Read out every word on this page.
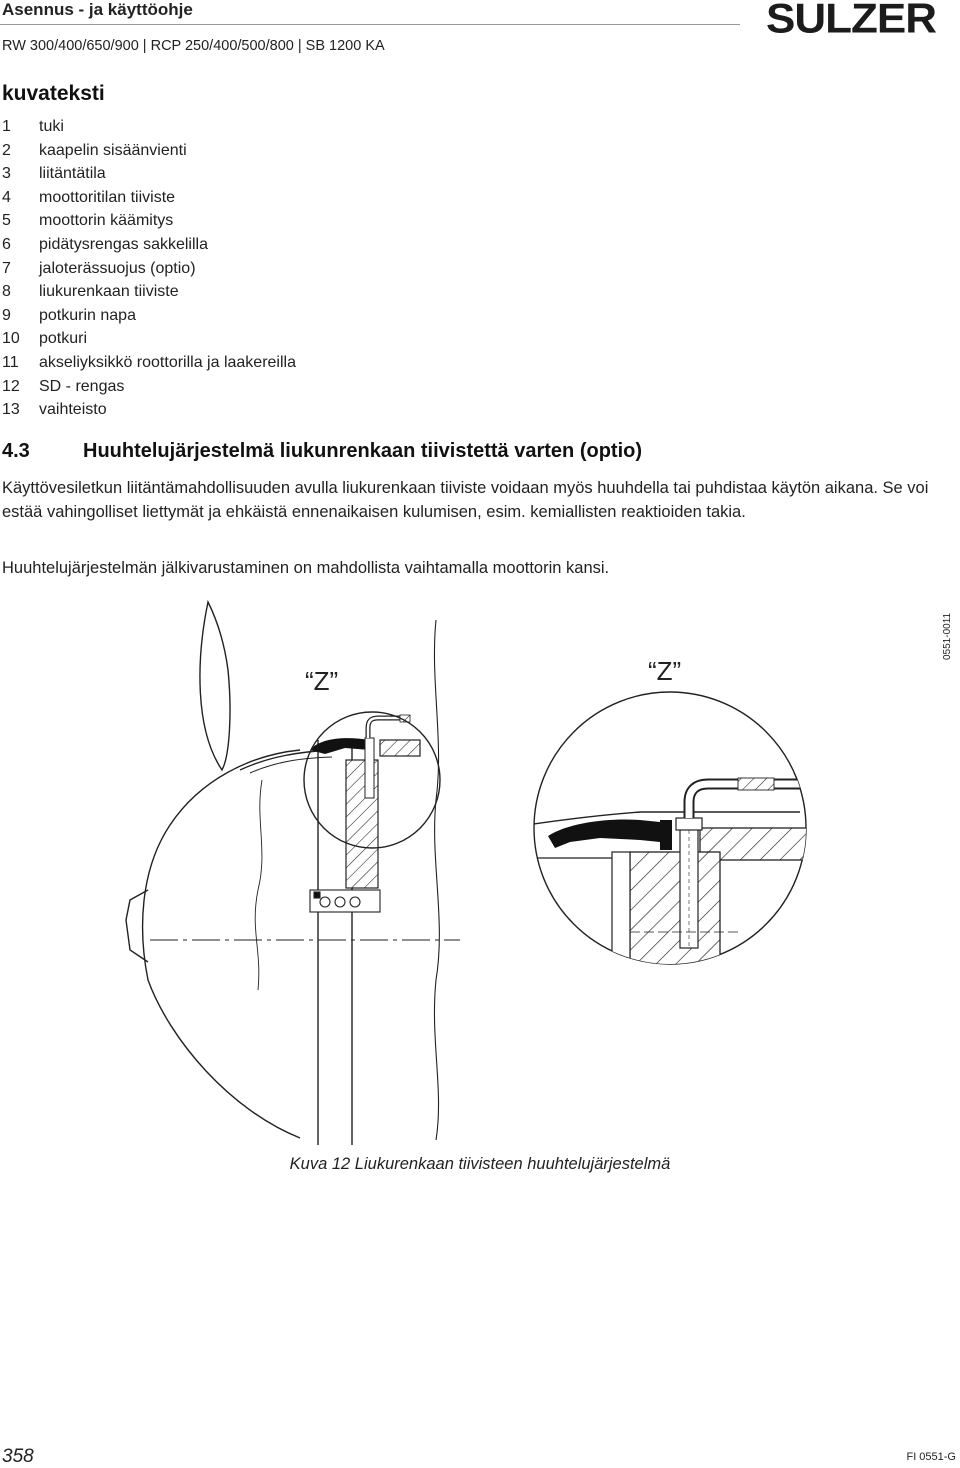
Asennus - ja käyttöohje
RW 300/400/650/900 | RCP 250/400/500/800 | SB 1200 KA
SULZER
kuvateksti
1 tuki
2 kaapelin sisäänvienti
3 liitäntätila
4 moottoritilan tiiviste
5 moottorin käämitys
6 pidätysrengas sakkelilla
7 jaloterässuojus (optio)
8 liukurenkaan tiiviste
9 potkurin napa
10 potkuri
11 akseliyksikkö roottorilla ja laakereilla
12 SD - rengas
13 vaihteisto
4.3	Huuhtelujärjestelmä liukunrenkaan tiivistettä varten (optio)

Käyttövesiletkun liitäntämahdollisuuden avulla liukurenkaan tiiviste voidaan myös huuhdella tai puhdistaa käytön aikana. Se voi estää vahingolliset liettymät ja ehkäistä ennenaikaisen kulumisen, esim. kemiallisten reaktioiden takia.

Huuhtelujärjestelmän jälkivarustaminen on mahdollista vaihtamalla moottorin kansi.

“Z”	“Z”
0551-0011
Kuva 12 Liukurenkaan tiivisteen huuhtelujärjestelmä
358	FI 0551-G
